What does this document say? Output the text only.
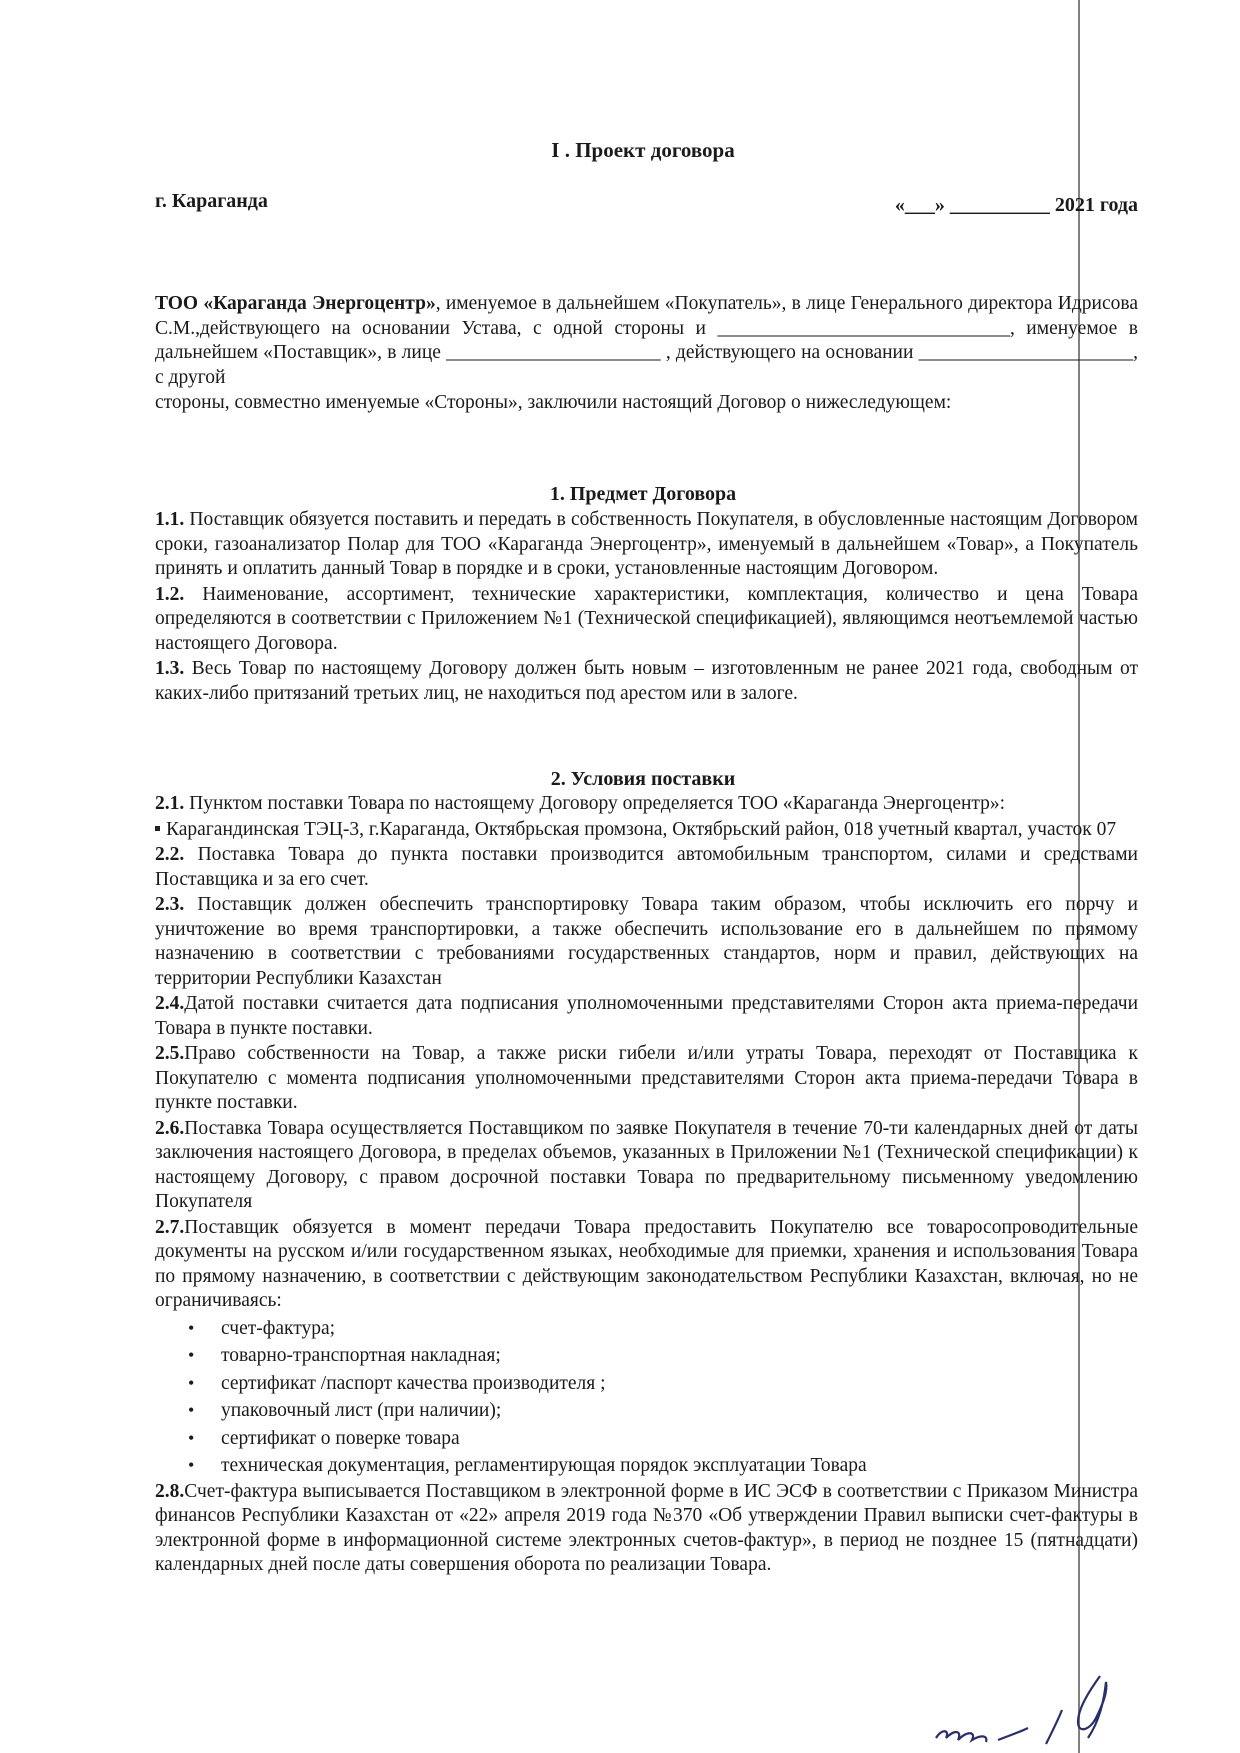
I . Проект договора
г. Караганда	«___» __________ 2021 года

ТОО «Караганда Энергоцентр», именуемое в дальнейшем «Покупатель», в лице Генерального директора Идрисова С.М.,действующего на основании Устава, с одной стороны и ______________________________, именуемое в дальнейшем «Поставщик», в лице ______________________ , действующего на основании ______________________, с другой

стороны, совместно именуемые «Стороны», заключили настоящий Договор о нижеследующем:

1. Предмет Договора

1.1. Поставщик обязуется поставить и передать в собственность Покупателя, в обусловленные настоящим Договором сроки, газоанализатор Полар для ТОО «Караганда Энергоцентр», именуемый в дальнейшем «Товар», а Покупатель принять и оплатить данный Товар в порядке и в сроки, установленные настоящим Договором.

1.2. Наименование, ассортимент, технические характеристики, комплектация, количество и цена Товара определяются в соответствии с Приложением №1 (Технической спецификацией), являющимся неотъемлемой частью настоящего Договора.

1.3. Весь Товар по настоящему Договору должен быть новым – изготовленным не ранее 2021 года, свободным от каких-либо притязаний третьих лиц, не находиться под арестом или в залоге.

2. Условия поставки

2.1. Пунктом поставки Товара по настоящему Договору определяется ТОО «Караганда Энергоцентр»:

Карагандинская ТЭЦ-3, г.Караганда, Октябрьская промзона, Октябрьский район, 018 учетный квартал, участок 07

2.2. Поставка Товара до пункта поставки производится автомобильным транспортом, силами и средствами Поставщика и за его счет.

2.3. Поставщик должен обеспечить транспортировку Товара таким образом, чтобы исключить его порчу и уничтожение во время транспортировки, а также обеспечить использование его в дальнейшем по прямому назначению в соответствии с требованиями государственных стандартов, норм и правил, действующих на территории Республики Казахстан

2.4.Датой поставки считается дата подписания уполномоченными представителями Сторон акта приема-передачи Товара в пункте поставки.

2.5.Право собственности на Товар, а также риски гибели и/или утраты Товара, переходят от Поставщика к Покупателю с момента подписания уполномоченными представителями Сторон акта приема-передачи Товара в пункте поставки.

2.6.Поставка Товара осуществляется Поставщиком по заявке Покупателя в течение 70-ти календарных дней от даты заключения настоящего Договора, в пределах объемов, указанных в Приложении №1 (Технической спецификации) к настоящему Договору, с правом досрочной поставки Товара по предварительному письменному уведомлению Покупателя

2.7.Поставщик обязуется в момент передачи Товара предоставить Покупателю все товаросопроводительные документы на русском и/или государственном языках, необходимые для приемки, хранения и использования Товара по прямому назначению, в соответствии с действующим законодательством Республики Казахстан, включая, но не ограничиваясь:

• счет-фактура;
• товарно-транспортная накладная;
• сертификат /паспорт качества производителя ;
• упаковочный лист (при наличии);
• сертификат о поверке товара
• техническая документация, регламентирующая порядок эксплуатации Товара

2.8.Счет-фактура выписывается Поставщиком в электронной форме в ИС ЭСФ в соответствии с Приказом Министра финансов Республики Казахстан от «22» апреля 2019 года №370 «Об утверждении Правил выписки счет-фактуры в электронной форме в информационной системе электронных счетов-фактур», в период не позднее 15 (пятнадцати) календарных дней после даты совершения оборота по реализации Товара.
